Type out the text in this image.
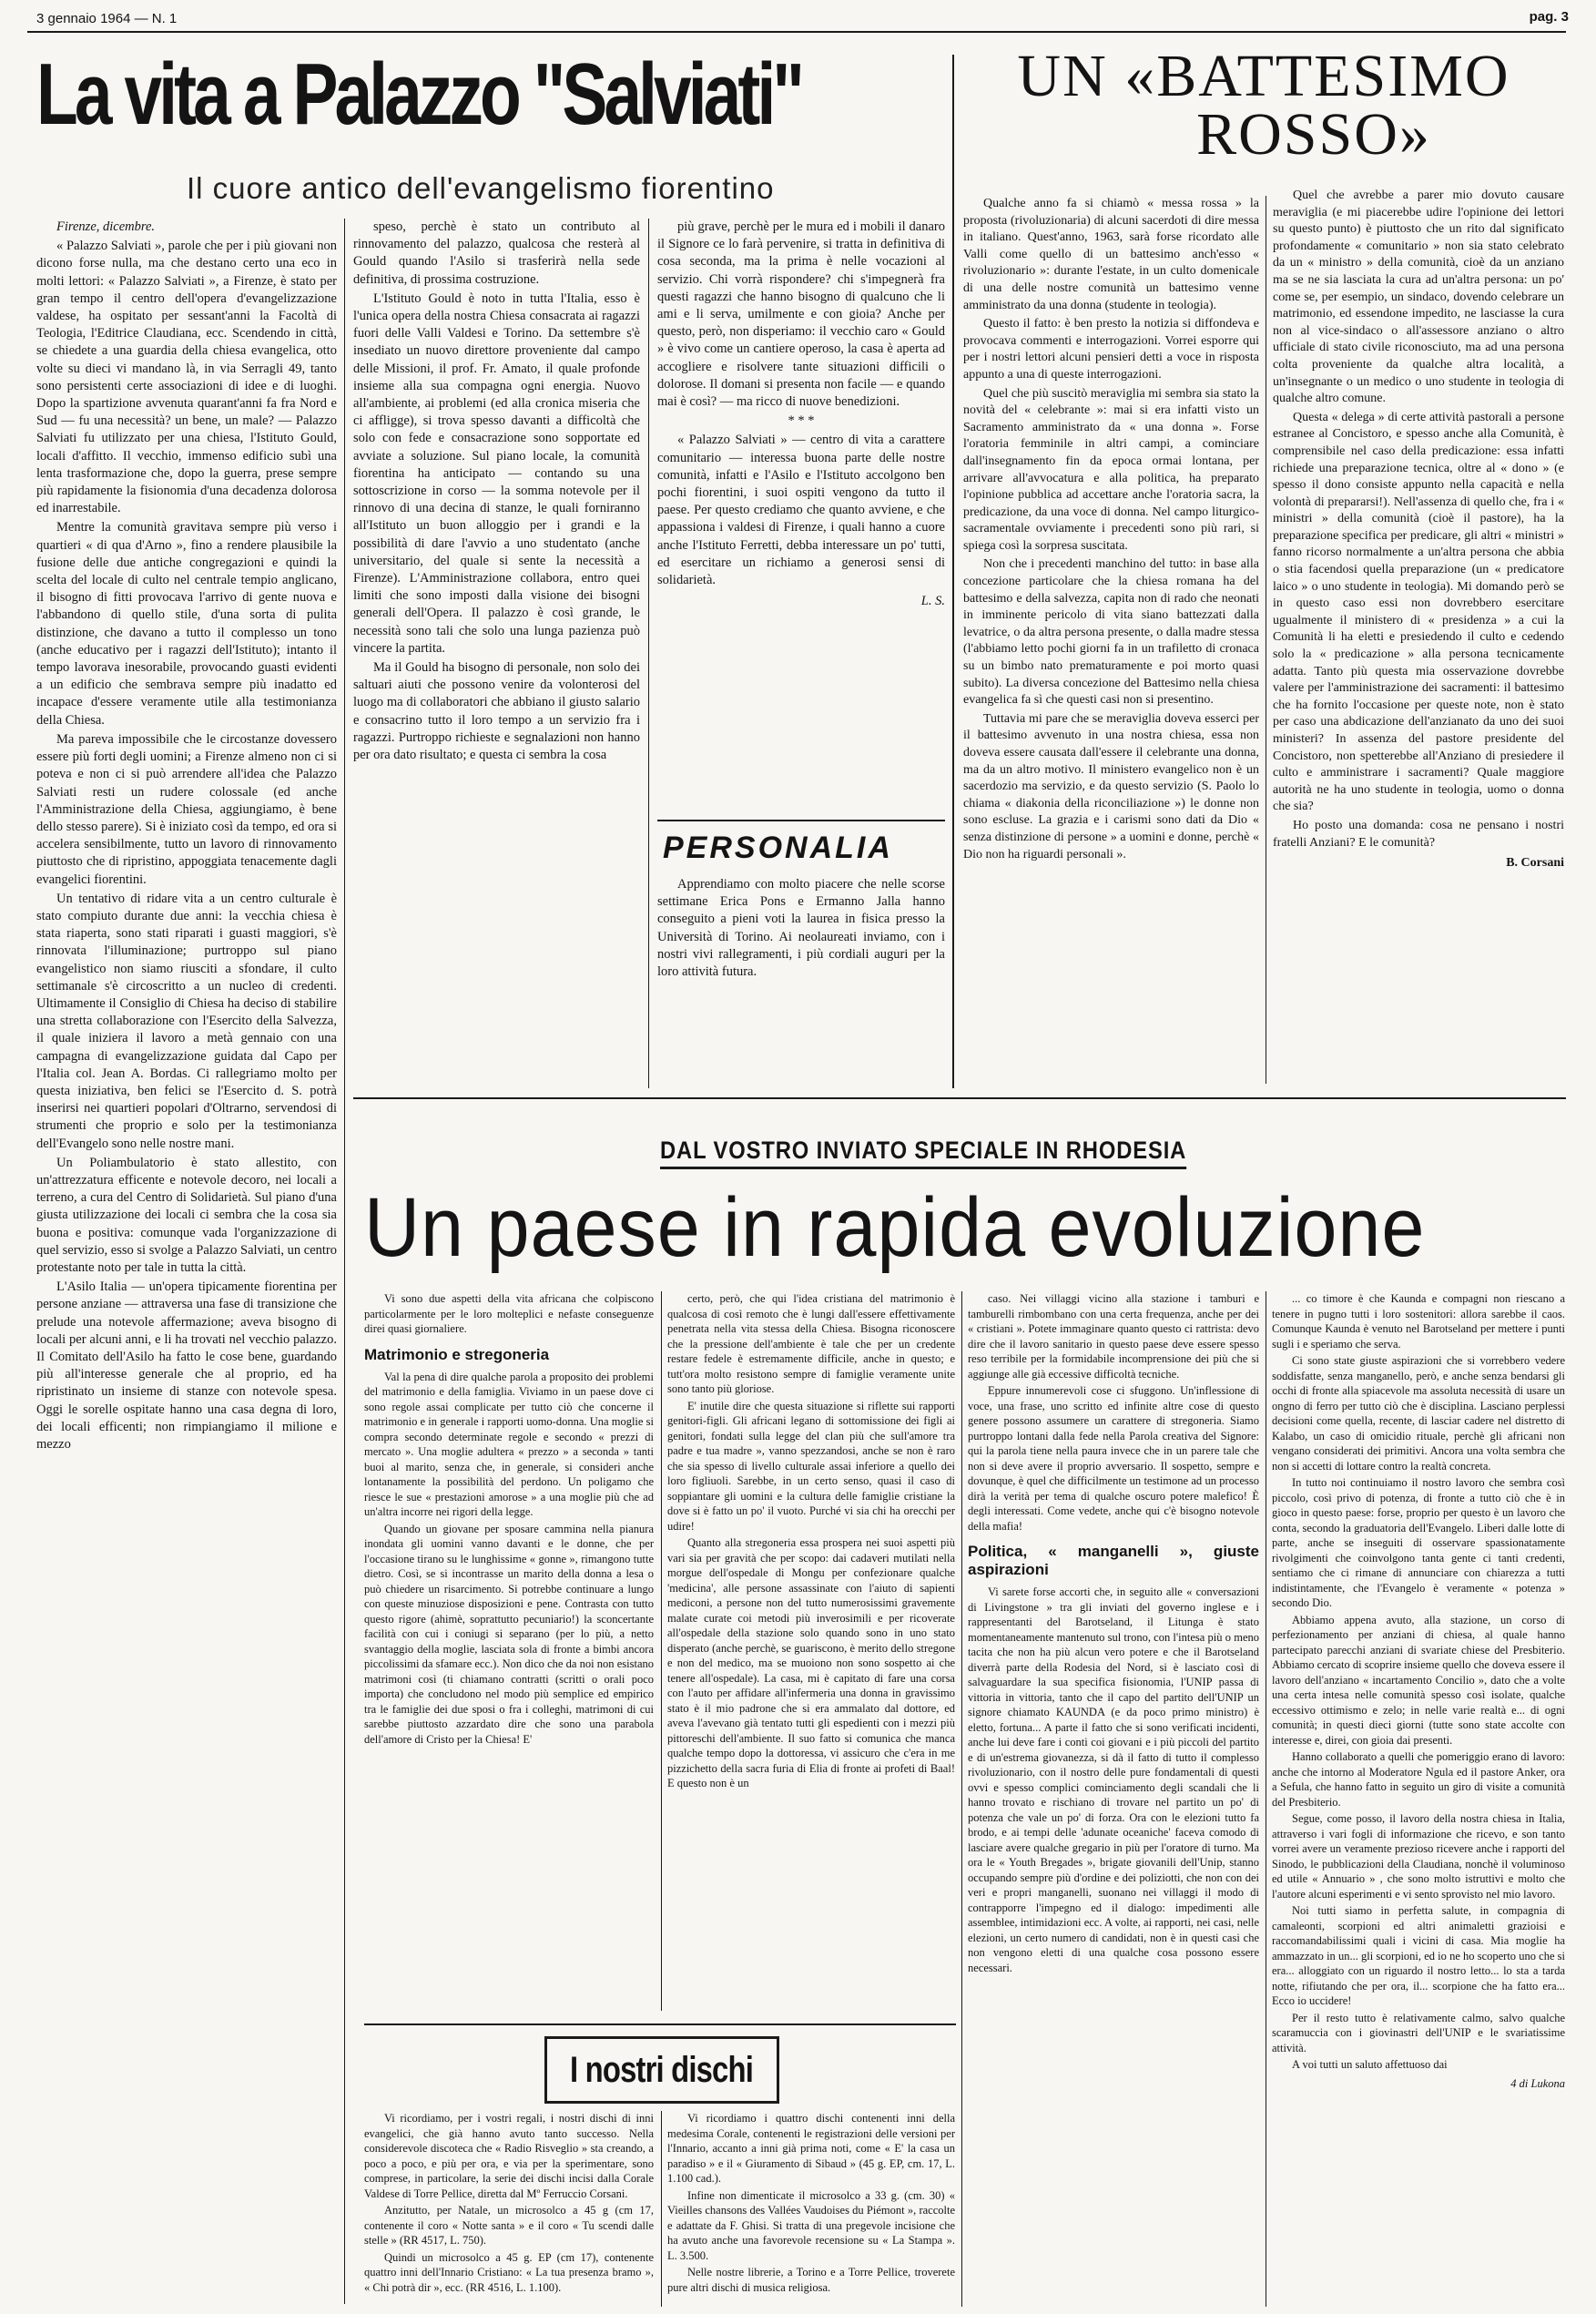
3 gennaio 1964 — N. 1	pag. 3
La vita a Palazzo "Salviati"
Il cuore antico dell'evangelismo fiorentino

Firenze, dicembre.

« Palazzo Salviati », parole che per i più giovani non dicono forse nulla, ma che destano certo una eco in molti lettori: « Palazzo Salviati », a Firenze, è stato per gran tempo il centro dell'opera d'evangelizzazione valdese, ha ospitato per sessant'anni la Facoltà di Teologia, l'Editrice Claudiana, ecc. Scendendo in città, se chiedete a una guardia della chiesa evangelica, otto volte su dieci vi mandano là, in via Serragli 49, tanto sono persistenti certe associazioni di idee e di luoghi. Dopo la spartizione avvenuta quarant'anni fa fra Nord e Sud — fu una necessità? un bene, un male? — Palazzo Salviati fu utilizzato per una chiesa, l'Istituto Gould, locali d'affitto. Il vecchio, immenso edificio subì una lenta trasformazione che, dopo la guerra, prese sempre più rapidamente la fisionomia d'una decadenza dolorosa ed inarrestabile.

Mentre la comunità gravitava sempre più verso i quartieri « di qua d'Arno », fino a rendere plausibile la fusione delle due antiche congregazioni e quindi la scelta del locale di culto nel centrale tempio anglicano, il bisogno di fitti provocava l'arrivo di gente nuova e l'abbandono di quello stile, d'una sorta di pulita distinzione, che davano a tutto il complesso un tono (anche educativo per i ragazzi dell'Istituto); intanto il tempo lavorava inesorabile, provocando guasti evidenti a un edificio che sembrava sempre più inadatto ed incapace d'essere veramente utile alla testimonianza della Chiesa.

Ma pareva impossibile che le circostanze dovessero essere più forti degli uomini; a Firenze almeno non ci si poteva e non ci si può arrendere all'idea che Palazzo Salviati resti un rudere colossale (ed anche l'Amministrazione della Chiesa, aggiungiamo, è bene dello stesso parere). Si è iniziato così da tempo, ed ora si accelera sensibilmente, tutto un lavoro di rinnovamento piuttosto che di ripristino, appoggiata tenacemente dagli evangelici fiorentini.

Un tentativo di ridare vita a un centro culturale è stato compiuto durante due anni: la vecchia chiesa è stata riaperta, sono stati riparati i guasti maggiori, s'è rinnovata l'illuminazione; purtroppo sul piano evangelistico non siamo riusciti a sfondare, il culto settimanale s'è circoscritto a un nucleo di credenti. Ultimamente il Consiglio di Chiesa ha deciso di stabilire una stretta collaborazione con l'Esercito della Salvezza, il quale iniziera il lavoro a metà gennaio con una campagna di evangelizzazione guidata dal Capo per l'Italia col. Jean A. Bordas. Ci rallegriamo molto per questa iniziativa, ben felici se l'Esercito d. S. potrà inserirsi nei quartieri popolari d'Oltrarno, servendosi di strumenti che proprio e solo per la testimonianza dell'Evangelo sono nelle nostre mani.

Un Poliambulatorio è stato allestito, con un'attrezzatura efficente e notevole decoro, nei locali a terreno, a cura del Centro di Solidarietà. Sul piano d'una giusta utilizzazione dei locali ci sembra che la cosa sia buona e positiva: comunque vada l'organizzazione di quel servizio, esso si svolge a Palazzo Salviati, un centro protestante noto per tale in tutta la città.

L'Asilo Italia — un'opera tipicamente fiorentina per persone anziane — attraversa una fase di transizione che prelude una notevole affermazione; aveva bisogno di locali per alcuni anni, e li ha trovati nel vecchio palazzo. Il Comitato dell'Asilo ha fatto le cose bene, guardando più all'interesse generale che al proprio, ed ha ripristinato un insieme di stanze con notevole spesa. Oggi le sorelle ospitate hanno una casa degna di loro, dei locali efficenti; non rimpiangiamo il milione e mezzo

speso, perchè è stato un contributo al rinnovamento del palazzo, qualcosa che resterà al Gould quando l'Asilo si trasferirà nella sede definitiva, di prossima costruzione.

L'Istituto Gould è noto in tutta l'Italia, esso è l'unica opera della nostra Chiesa consacrata ai ragazzi fuori delle Valli Valdesi e Torino. Da settembre s'è insediato un nuovo direttore proveniente dal campo delle Missioni, il prof. Fr. Amato, il quale profonde insieme alla sua compagna ogni energia. Nuovo all'ambiente, ai problemi (ed alla cronica miseria che ci affligge), si trova spesso davanti a difficoltà che solo con fede e consacrazione sono sopportate ed avviate a soluzione. Sul piano locale, la comunità fiorentina ha anticipato — contando su una sottoscrizione in corso — la somma notevole per il rinnovo di una decina di stanze, le quali forniranno all'Istituto un buon alloggio per i grandi e la possibilità di dare l'avvio a uno studentato (anche universitario, del quale si sente la necessità a Firenze). L'Amministrazione collabora, entro quei limiti che sono imposti dalla visione dei bisogni generali dell'Opera. Il palazzo è così grande, le necessità sono tali che solo una lunga pazienza può vincere la partita.

Ma il Gould ha bisogno di personale, non solo dei saltuari aiuti che possono venire da volonterosi del luogo ma di collaboratori che abbiano il giusto salario e consacrino tutto il loro tempo a un servizio fra i ragazzi. Purtroppo richieste e segnalazioni non hanno per ora dato risultato; e questa ci sembra la cosa

più grave, perchè per le mura ed i mobili il danaro il Signore ce lo farà pervenire, si tratta in definitiva di cosa seconda, ma la prima è nelle vocazioni al servizio. Chi vorrà rispondere? chi s'impegnerà fra questi ragazzi che hanno bisogno di qualcuno che li ami e li serva, umilmente e con gioia? Anche per questo, però, non disperiamo: il vecchio caro « Gould » è vivo come un cantiere operoso, la casa è aperta ad accogliere e risolvere tante situazioni difficili o dolorose. Il domani si presenta non facile — e quando mai è così? — ma ricco di nuove benedizioni.

* * *

« Palazzo Salviati » — centro di vita a carattere comunitario — interessa buona parte delle nostre comunità, infatti e l'Asilo e l'Istituto accolgono ben pochi fiorentini, i suoi ospiti vengono da tutto il paese. Per questo crediamo che quanto avviene, e che appassiona i valdesi di Firenze, i quali hanno a cuore anche l'Istituto Ferretti, debba interessare un po' tutti, ed esercitare un richiamo a generosi sensi di solidarietà.

L. S.
PERSONALIA

Apprendiamo con molto piacere che nelle scorse settimane Erica Pons e Ermanno Jalla hanno conseguito a pieni voti la laurea in fisica presso la Università di Torino. Ai neolaureati inviamo, con i nostri vivi rallegramenti, i più cordiali auguri per la loro attività futura.

UN «BATTESIMO
ROSSO»

Qualche anno fa si chiamò « messa rossa » la proposta (rivoluzionaria) di alcuni sacerdoti di dire messa in italiano. Quest'anno, 1963, sarà forse ricordato alle Valli come quello di un battesimo anch'esso « rivoluzionario »: durante l'estate, in un culto domenicale di una delle nostre comunità un battesimo venne amministrato da una donna (studente in teologia).

Questo il fatto: è ben presto la notizia si diffondeva e provocava commenti e interrogazioni. Vorrei esporre qui per i nostri lettori alcuni pensieri detti a voce in risposta appunto a una di queste interrogazioni.

Quel che più suscitò meraviglia mi sembra sia stato la novità del « celebrante »: mai si era infatti visto un Sacramento amministrato da « una donna ». Forse l'oratoria femminile in altri campi, a cominciare dall'insegnamento fin da epoca ormai lontana, per arrivare all'avvocatura e alla politica, ha preparato l'opinione pubblica ad accettare anche l'oratoria sacra, la predicazione, da una voce di donna. Nel campo liturgico-sacramentale ovviamente i precedenti sono più rari, si spiega così la sorpresa suscitata.

Non che i precedenti manchino del tutto: in base alla concezione particolare che la chiesa romana ha del battesimo e della salvezza, capita non di rado che neonati in imminente pericolo di vita siano battezzati dalla levatrice, o da altra persona presente, o dalla madre stessa (l'abbiamo letto pochi giorni fa in un trafiletto di cronaca su un bimbo nato prematuramente e poi morto quasi subito). La diversa concezione del Battesimo nella chiesa evangelica fa sì che questi casi non si presentino.

Tuttavia mi pare che se meraviglia doveva esserci per il battesimo avvenuto in una nostra chiesa, essa non doveva essere causata dall'essere il celebrante una donna, ma da un altro motivo. Il ministero evangelico non è un sacerdozio ma servizio, e da questo servizio (S. Paolo lo chiama « diakonia della riconciliazione ») le donne non sono escluse. La grazia e i carismi sono dati da Dio « senza distinzione di persone » a uomini e donne, perchè « Dio non ha riguardi personali ».

Quel che avrebbe a parer mio dovuto causare meraviglia (e mi piacerebbe udire l'opinione dei lettori su questo punto) è piuttosto che un rito dal significato profondamente « comunitario » non sia stato celebrato da un « ministro » della comunità, cioè da un anziano ma se ne sia lasciata la cura ad un'altra persona: un po' come se, per esempio, un sindaco, dovendo celebrare un matrimonio, ed essendone impedito, ne lasciasse la cura non al vice-sindaco o all'assessore anziano o altro ufficiale di stato civile riconosciuto, ma ad una persona colta proveniente da qualche altra località, a un'insegnante o un medico o uno studente in teologia di qualche altro comune.

Questa « delega » di certe attività pastorali a persone estranee al Concistoro, e spesso anche alla Comunità, è comprensibile nel caso della predicazione: essa infatti richiede una preparazione tecnica, oltre al « dono » (e spesso il dono consiste appunto nella capacità e nella volontà di prepararsi!). Nell'assenza di quello che, fra i « ministri » della comunità (cioè il pastore), ha la preparazione specifica per predicare, gli altri « ministri » fanno ricorso normalmente a un'altra persona che abbia o stia facendosi quella preparazione (un « predicatore laico » o uno studente in teologia). Mi domando però se in questo caso essi non dovrebbero esercitare ugualmente il ministero di « presidenza » a cui la Comunità li ha eletti e presiedendo il culto e cedendo solo la « predicazione » alla persona tecnicamente adatta. Tanto più questa mia osservazione dovrebbe valere per l'amministrazione dei sacramenti: il battesimo che ha fornito l'occasione per queste note, non è stato per caso una abdicazione dell'anzianato da uno dei suoi ministeri? In assenza del pastore presidente del Concistoro, non spetterebbe all'Anziano di presiedere il culto e amministrare i sacramenti? Quale maggiore autorità ne ha uno studente in teologia, uomo o donna che sia?

Ho posto una domanda: cosa ne pensano i nostri fratelli Anziani? E le comunità?

B. Corsani
DAL VOSTRO INVIATO SPECIALE IN RHODESIA
Un paese in rapida evoluzione

Vi sono due aspetti della vita africana che colpiscono particolarmente per le loro molteplici e nefaste conseguenze direi quasi giornaliere.

Matrimonio e stregoneria

Val la pena di dire qualche parola a proposito dei problemi del matrimonio e della famiglia. Viviamo in un paese dove ci sono regole assai complicate per tutto ciò che concerne il matrimonio e in generale i rapporti uomo-donna. Una moglie si compra secondo determinate regole e secondo « prezzi di mercato ». Una moglie adultera « prezzo » a seconda » tanti buoi al marito, senza che, in generale, si consideri anche lontanamente la possibilità del perdono. Un poligamo che riesce le sue « prestazioni amorose » a una moglie più che ad un'altra incorre nei rigori della legge.

Quando un giovane per sposare cammina nella pianura inondata gli uomini vanno davanti e le donne, che per l'occasione tirano su le lunghissime « gonne », rimangono tutte dietro. Così, se si incontrasse un marito della donna a lesa o può chiedere un risarcimento. Si potrebbe continuare a lungo con queste minuziose disposizioni e pene. Contrasta con tutto questo rigore (ahimè, soprattutto pecuniario!) la sconcertante facilità con cui i coniugi si separano (per lo più, a netto svantaggio della moglie, lasciata sola di fronte a bimbi ancora piccolissimi da sfamare ecc.). Non dico che da noi non esistano matrimoni così (ti chiamano contratti (scritti o orali poco importa) che concludono nel modo più semplice ed empirico tra le famiglie dei due sposi o fra i colleghi, matrimoni di cui sarebbe piuttosto azzardato dire che sono una parabola dell'amore di Cristo per la Chiesa! E'

certo, però, che qui l'idea cristiana del matrimonio è qualcosa di così remoto che è lungi dall'essere effettivamente penetrata nella vita stessa della Chiesa. Bisogna riconoscere che la pressione dell'ambiente è tale che per un credente restare fedele è estremamente difficile, anche in questo; e tutt'ora molto resistono sempre di famiglie veramente unite sono tanto più gloriose.

E' inutile dire che questa situazione si riflette sui rapporti genitori-figli. Gli africani legano di sottomissione dei figli ai genitori, fondati sulla legge del clan più che sull'amore tra padre e tua madre », vanno spezzandosi, anche se non è raro che sia spesso di livello culturale assai inferiore a quello dei loro figliuoli. Sarebbe, in un certo senso, quasi il caso di soppiantare gli uomini e la cultura delle famiglie cristiane la dove si è fatto un po' il vuoto. Purché vi sia chi ha orecchi per udire!

Quanto alla stregoneria essa prospera nei suoi aspetti più vari sia per gravità che per scopo: dai cadaveri mutilati nella morgue dell'ospedale di Mongu per confezionare qualche 'medicina', alle persone assassinate con l'aiuto di sapienti mediconi, a persone non del tutto numerosissimi gravemente malate curate coi metodi più inverosimili e per ricoverate all'ospedale della stazione solo quando sono in uno stato disperato (anche perchè, se guariscono, è merito dello stregone e non del medico, ma se muoiono non sono sospetto ai che tenere all'ospedale). La casa, mi è capitato di fare una corsa con l'auto per affidare all'infermeria una donna in gravissimo stato è il mio padrone che si era ammalato dal dottore, ed aveva l'avevano già tentato tutti gli espedienti con i mezzi più pittoreschi dell'ambiente. Il suo fatto si comunica che manca qualche tempo dopo la dottoressa, vi assicuro che c'era in me pizzichetto della sacra furia di Elia di fronte ai profeti di Baal! E questo non è un

caso. Nei villaggi vicino alla stazione i tamburi e tamburelli rimbombano con una certa frequenza, anche per dei « cristiani ». Potete immaginare quanto questo ci rattrista: devo dire che il lavoro sanitario in questo paese deve essere spesso reso terribile per la formidabile incomprensione dei più che si aggiunge alle già eccessive difficoltà tecniche.

Eppure innumerevoli cose ci sfuggono. Un'inflessione di voce, una frase, uno scritto ed infinite altre cose di questo genere possono assumere un carattere di stregoneria. Siamo purtroppo lontani dalla fede nella Parola creativa del Signore: qui la parola tiene nella paura invece che in un parere tale che non si deve avere il proprio avversario. Il sospetto, sempre e dovunque, è quel che difficilmente un testimone ad un processo dirà la verità per tema di qualche oscuro potere malefico! È degli interessati. Come vedete, anche qui c'è bisogno notevole della mafia!

Politica, « manganelli », giuste aspirazioni

Vi sarete forse accorti che, in seguito alle « conversazioni di Livingstone » tra gli inviati del governo inglese e i rappresentanti del Barotseland, il Litunga è stato momentaneamente mantenuto sul trono, con l'intesa più o meno tacita che non ha più alcun vero potere e che il Barotseland diverrà parte della Rodesia del Nord, si è lasciato così di salvaguardare la sua specifica fisionomia, l'UNIP passa di vittoria in vittoria, tanto che il capo del partito dell'UNIP un signore chiamato KAUNDA (e da poco primo ministro) è eletto, fortuna... A parte il fatto che si sono verificati incidenti, anche lui deve fare i conti coi giovani e i più piccoli del partito e di un'estrema giovanezza, si dà il fatto di tutto il complesso rivoluzionario, con il nostro delle pure fondamentali di questi ovvi e spesso complici cominciamento degli scandali che li hanno trovato e rischiano di trovare nel partito un po' di potenza che vale un po' di forza. Ora con le elezioni tutto fa brodo, e ai tempi delle 'adunate oceaniche' faceva comodo di lasciare avere qualche gregario in più per l'oratore di turno. Ma ora le « Youth Bregades », brigate giovanili dell'Unip, stanno occupando sempre più d'ordine e dei poliziotti, che non con dei veri e propri manganelli, suonano nei villaggi il modo di contrapporre l'impegno ed il dialogo: impedimenti alle assemblee, intimidazioni ecc. A volte, ai rapporti, nei casi, nelle elezioni, un certo numero di candidati, non è in questi casi che non vengono eletti di una qualche cosa possono essere necessari.

... co timore è che Kaunda e compagni non riescano a tenere in pugno tutti i loro sostenitori: allora sarebbe il caos. Comunque Kaunda è venuto nel Barotseland per mettere i punti sugli i e speriamo che serva.

Ci sono state giuste aspirazioni che si vorrebbero vedere soddisfatte, senza manganello, però, e anche senza bendarsi gli occhi di fronte alla spiacevole ma assoluta necessità di usare un ongno di ferro per tutto ciò che è disciplina. Lasciano perplessi decisioni come quella, recente, di lasciar cadere nel distretto di Kalabo, un caso di omicidio rituale, perchè gli africani non vengano considerati dei primitivi. Ancora una volta sembra che non si accetti di lottare contro la realtà concreta.

In tutto noi continuiamo il nostro lavoro che sembra così piccolo, così privo di potenza, di fronte a tutto ciò che è in gioco in questo paese: forse, proprio per questo è un lavoro che conta, secondo la graduatoria dell'Evangelo. Liberi dalle lotte di parte, anche se inseguiti di osservare spassionatamente rivolgimenti che coinvolgono tanta gente ci tanti credenti, sentiamo che ci rimane di annunciare con chiarezza a tutti indistintamente, che l'Evangelo è veramente « potenza » secondo Dio.

Abbiamo appena avuto, alla stazione, un corso di perfezionamento per anziani di chiesa, al quale hanno partecipato parecchi anziani di svariate chiese del Presbiterio. Abbiamo cercato di scoprire insieme quello che doveva essere il lavoro dell'anziano « incartamento Concilio », dato che a volte una certa intesa nelle comunità spesso così isolate, qualche eccessivo ottimismo e zelo; in nelle varie realtà e... di ogni comunità; in questi dieci giorni (tutte sono state accolte con interesse e, direi, con gioia dai presenti.

Hanno collaborato a quelli che pomeriggio erano di lavoro: anche che intorno al Moderatore Ngula ed il pastore Anker, ora a Sefula, che hanno fatto in seguito un giro di visite a comunità del Presbiterio.

Segue, come posso, il lavoro della nostra chiesa in Italia, attraverso i vari fogli di informazione che ricevo, e son tanto vorrei avere un veramente prezioso ricevere anche i rapporti del Sinodo, le pubblicazioni della Claudiana, nonchè il voluminoso ed utile « Annuario » , che sono molto istruttivi e molto che l'autore alcuni esperimenti e vi sento sprovisto nel mio lavoro.

Noi tutti siamo in perfetta salute, in compagnia di camaleonti, scorpioni ed altri animaletti grazioisi e raccomandabilissimi quali i vicini di casa. Mia moglie ha ammazzato in un... gli scorpioni, ed io ne ho scoperto uno che si era... alloggiato con un riguardo il nostro letto... lo sta a tarda notte, rifiutando che per ora, il... scorpione che ha fatto era... Ecco io uccidere!

Per il resto tutto è relativamente calmo, salvo qualche scaramuccia con i giovinastri dell'UNIP e le svariatissime attività.

A voi tutti un saluto affettuoso dai

4 di Lukona
I nostri dischi

Vi ricordiamo, per i vostri regali, i nostri dischi di inni evangelici, che già hanno avuto tanto successo. Nella considerevole discoteca che « Radio Risveglio » sta creando, a poco a poco, e più per ora, e via per la sperimentare, sono comprese, in particolare, la serie dei dischi incisi dalla Corale Valdese di Torre Pellice, diretta dal Mº Ferruccio Corsani.

Anzitutto, per Natale, un microsolco a 45 g (cm 17, contenente il coro « Notte santa » e il coro « Tu scendi dalle stelle » (RR 4517, L. 750).

Quindi un microsolco a 45 g. EP (cm 17), contenente quattro inni dell'Innario Cristiano: « La tua presenza bramo », « Chi potrà dir », ecc. (RR 4516, L. 1.100).

Vi ricordiamo i quattro dischi contenenti inni della medesima Corale, contenenti le registrazioni delle versioni per l'Innario, accanto a inni già prima noti, come « E' la casa un paradiso » e il « Giuramento di Sibaud » (45 g. EP, cm. 17, L. 1.100 cad.).

Infine non dimenticate il microsolco a 33 g. (cm. 30) « Vieilles chansons des Vallées Vaudoises du Piémont », raccolte e adattate da F. Ghisi. Si tratta di una pregevole incisione che ha avuto anche una favorevole recensione su « La Stampa ». L. 3.500.

Nelle nostre librerie, a Torino e a Torre Pellice, troverete pure altri dischi di musica religiosa.
